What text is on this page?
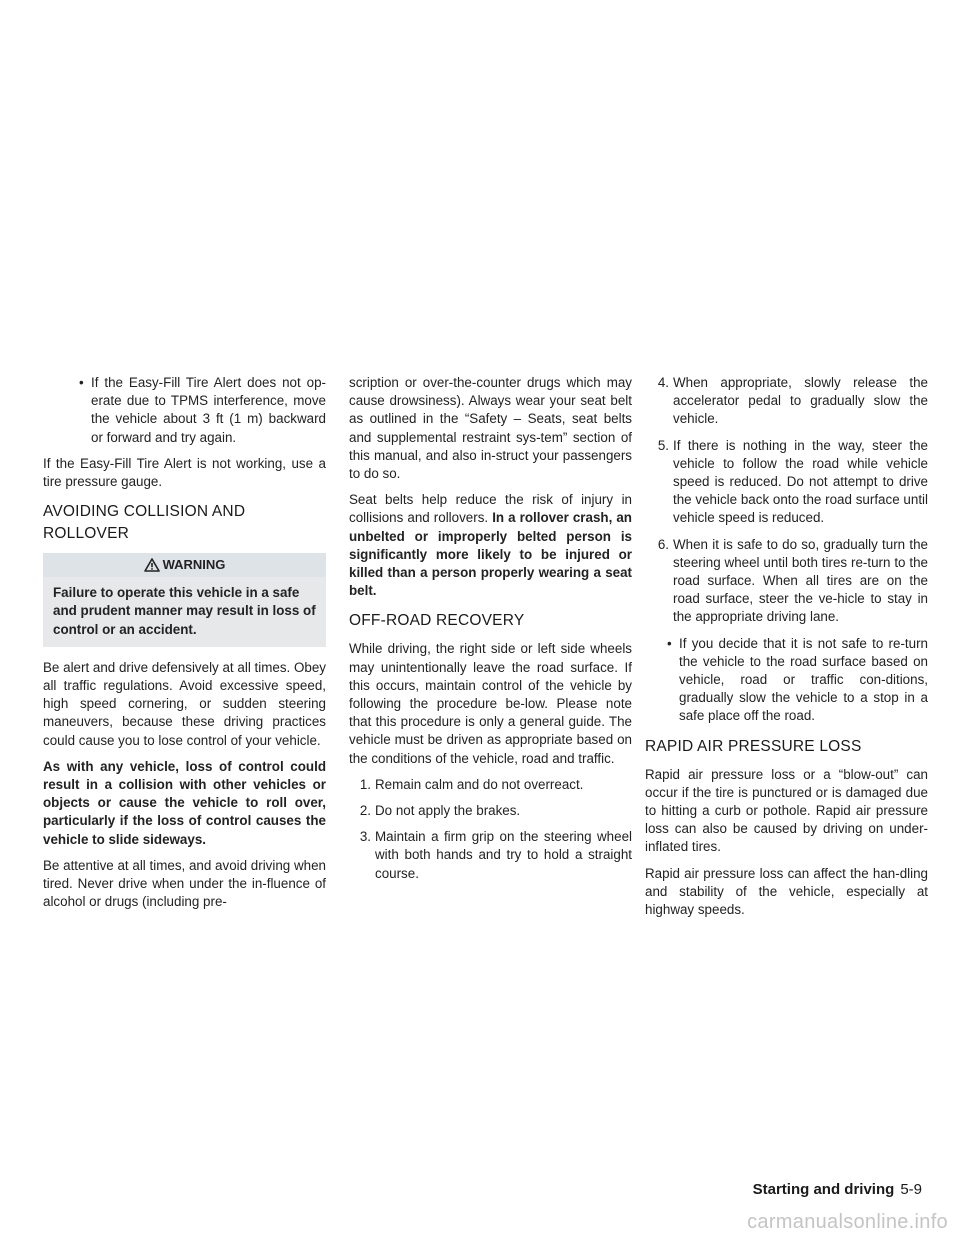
• If the Easy-Fill Tire Alert does not op-erate due to TPMS interference, move the vehicle about 3 ft (1 m) backward or forward and try again.

If the Easy-Fill Tire Alert is not working, use a tire pressure gauge.

AVOIDING COLLISION AND
ROLLOVER
WARNING
Failure to operate this vehicle in a safe and prudent manner may result in loss of control or an accident.

Be alert and drive defensively at all times. Obey all traffic regulations. Avoid excessive speed, high speed cornering, or sudden steering maneuvers, because these driving practices could cause you to lose control of your vehicle.

As with any vehicle, loss of control could result in a collision with other vehicles or objects or cause the vehicle to roll over, particularly if the loss of control causes the vehicle to slide sideways.

Be attentive at all times, and avoid driving when tired. Never drive when under the in-fluence of alcohol or drugs (including pre-

scription or over-the-counter drugs which may cause drowsiness). Always wear your seat belt as outlined in the “Safety – Seats, seat belts and supplemental restraint sys-tem” section of this manual, and also in-struct your passengers to do so.

Seat belts help reduce the risk of injury in collisions and rollovers. In a rollover crash, an unbelted or improperly belted person is significantly more likely to be injured or killed than a person properly wearing a seat belt.

OFF-ROAD RECOVERY

While driving, the right side or left side wheels may unintentionally leave the road surface. If this occurs, maintain control of the vehicle by following the procedure be-low. Please note that this procedure is only a general guide. The vehicle must be driven as appropriate based on the conditions of the vehicle, road and traffic.

1. Remain calm and do not overreact.
2. Do not apply the brakes.
3. Maintain a firm grip on the steering wheel with both hands and try to hold a straight course.
4. When appropriate, slowly release the accelerator pedal to gradually slow the vehicle.
5. If there is nothing in the way, steer the vehicle to follow the road while vehicle speed is reduced. Do not attempt to drive the vehicle back onto the road surface until vehicle speed is reduced.
6. When it is safe to do so, gradually turn the steering wheel until both tires re-turn to the road surface. When all tires are on the road surface, steer the ve-hicle to stay in the appropriate driving lane.
• If you decide that it is not safe to re-turn the vehicle to the road surface based on vehicle, road or traffic con-ditions, gradually slow the vehicle to a stop in a safe place off the road.
RAPID AIR PRESSURE LOSS

Rapid air pressure loss or a “blow-out” can occur if the tire is punctured or is damaged due to hitting a curb or pothole. Rapid air pressure loss can also be caused by driving on under-inflated tires.

Rapid air pressure loss can affect the han-dling and stability of the vehicle, especially at highway speeds.

Starting and driving 5-9
carmanualsonline.info
